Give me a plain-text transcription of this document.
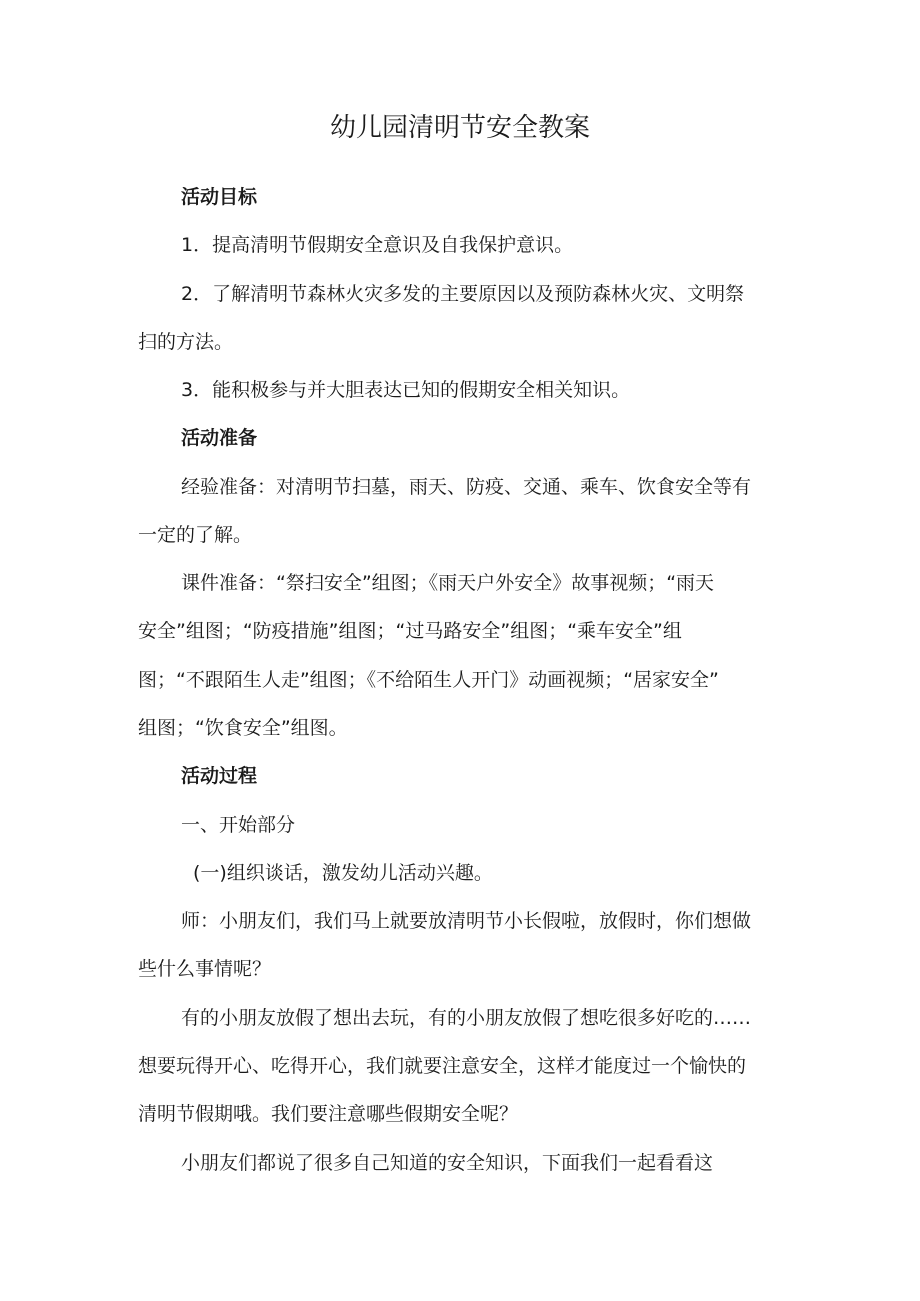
幼儿园清明节安全教案

活动目标

1．提高清明节假期安全意识及自我保护意识。

2．了解清明节森林火灾多发的主要原因以及预防森林火灾、文明祭

扫的方法。

3．能积极参与并大胆表达已知的假期安全相关知识。

活动准备

经验准备：对清明节扫墓，雨天、防疫、交通、乘车、饮食安全等有

一定的了解。

课件准备：“祭扫安全”组图；《雨天户外安全》故事视频；“雨天

安全”组图；“防疫措施”组图；“过马路安全”组图；“乘车安全”组

图；“不跟陌生人走”组图；《不给陌生人开门》动画视频；“居家安全”

组图；“饮食安全”组图。

活动过程

一、开始部分

(一)组织谈话，激发幼儿活动兴趣。

师：小朋友们，我们马上就要放清明节小长假啦，放假时，你们想做

些什么事情呢？

有的小朋友放假了想出去玩，有的小朋友放假了想吃很多好吃的……

想要玩得开心、吃得开心，我们就要注意安全，这样才能度过一个愉快的

清明节假期哦。我们要注意哪些假期安全呢？

小朋友们都说了很多自己知道的安全知识，下面我们一起看看这
